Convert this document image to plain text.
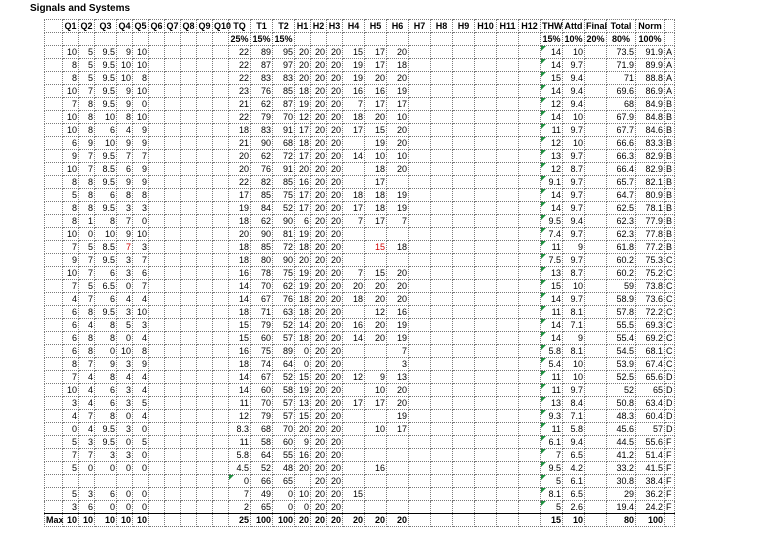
Signals and Systems
	Q1	Q2	Q3	Q4	Q5	Q6	Q7	Q8	Q9	Q10	TQ	T1	T2	H1	H2	H3	H4	H5	H6	H7	H8	H9	H10	H11	H12	THW	Attd	Final	Total	Norm	
											25%	15%	15%													15%	10%	20%	80%	100%	
	10	5	9.5	9	10						22	89	95	20	20	20	15	17	20							14	10		73.5	91.9	A
	8	5	9.5	10	10						22	87	97	20	20	20	19	17	18							14	9.7		71.9	89.9	A
	8	5	9.5	10	8						22	83	83	20	20	20	19	20	20							15	9.4		71	88.8	A
	10	7	9.5	9	10						23	76	85	18	20	20	16	16	19							14	9.4		69.6	86.9	A
	7	8	9.5	9	0						21	62	87	19	20	20	7	17	17							12	9.4		68	84.9	B
	10	8	10	8	10						22	79	70	12	20	20	18	20	10							14	10		67.9	84.8	B
	10	8	6	4	9						18	83	91	17	20	20	17	15	20							11	9.7		67.7	84.6	B
	6	9	10	9	9						21	90	68	18	20	20		19	20							12	10		66.6	83.3	B
	9	7	9.5	7	7						20	62	72	17	20	20	14	10	10							13	9.7		66.3	82.9	B
	10	7	8.5	6	9						20	76	91	20	20	20		18	20							12	8.7		66.4	82.9	B
	8	8	9.5	9	9						22	82	85	16	20	20		17								9.1	9.7		65.7	82.1	B
	5	8	6	8	8						17	85	75	17	20	20	18	18	19							14	9.7		64.7	80.9	B
	8	8	9.5	3	3						19	84	52	17	20	20	17	18	19							14	9.7		62.5	78.1	B
	8	1	8	7	0						18	62	90	6	20	20	7	17	7							9.5	9.4		62.3	77.9	B
	10	0	10	9	10						20	90	81	19	20	20										7.4	9.7		62.3	77.8	B
	7	5	8.5	7	3						18	85	72	18	20	20		15	18							11	9		61.8	77.2	B
	9	7	9.5	3	7						18	80	90	20	20	20										7.5	9.7		60.2	75.3	C
	10	7	6	3	6						16	78	75	19	20	20	7	15	20							13	8.7		60.2	75.2	C
	7	5	6.5	0	7						14	70	62	19	20	20	20	20	20							15	10		59	73.8	C
	4	7	6	4	4						14	67	76	18	20	20	18	20	20							14	9.7		58.9	73.6	C
	6	8	9.5	3	10						18	71	63	18	20	20		12	16							11	8.1		57.8	72.2	C
	6	4	8	5	3						15	79	52	14	20	20	16	20	19							14	7.1		55.5	69.3	C
	6	8	8	0	4						15	60	57	18	20	20	14	20	19							14	9		55.4	69.2	C
	6	8	0	10	8						16	75	89	0	20	20			7							5.8	8.1		54.5	68.1	C
	8	7	9	3	9						18	74	64	0	20	20			3							5.4	10		53.9	67.4	C
	7	4	8	4	4						14	67	52	15	20	20	12	9	13							11	10		52.5	65.6	D
	10	4	6	3	4						14	60	58	19	20	20		10	20							11	9.7		52	65	D
	3	4	6	3	5						11	70	57	13	20	20	17	17	20							13	8.4		50.8	63.4	D
	4	7	8	0	4						12	79	57	15	20	20			19							9.3	7.1		48.3	60.4	D
	0	4	9.5	3	0						8.3	68	70	20	20	20		10	17							11	5.8		45.6	57	D
	5	3	9.5	0	5						11	58	60	9	20	20										6.1	9.4		44.5	55.6	F
	7	7	3	3	0						5.8	64	55	16	20	20										7	6.5		41.2	51.4	F
	5	0	0	0	0						4.5	52	48	20	20	20		16								9.5	4.2		33.2	41.5	F
											0	66	65		20	20										5	6.1		30.8	38.4	F
	5	3	6	0	0						7	49	0	10	20	20	15									8.1	6.5		29	36.2	F
	3	6	0	0	0						2	65	0	0	20	20										5	2.6		19.4	24.2	F
Max	10	10	10	10	10						25	100	100	20	20	20	20	20	20							15	10		80	100	
